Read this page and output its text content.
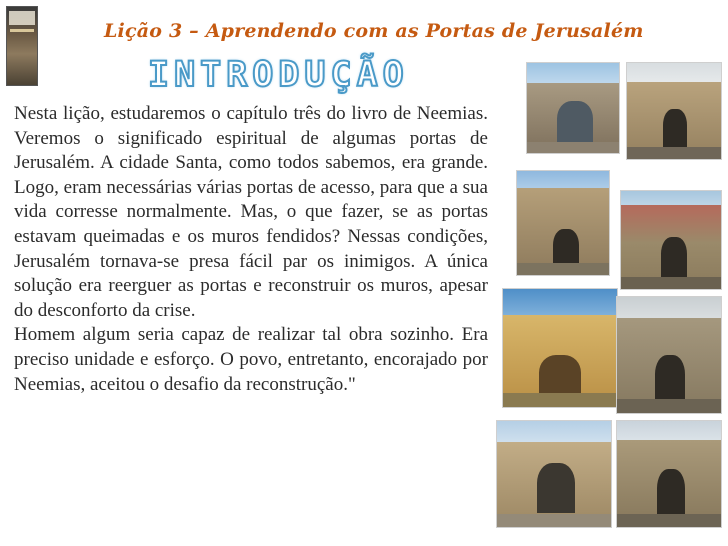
Lição 3 – Aprendendo com as Portas de Jerusalém
INTRODUÇÃO

Nesta lição, estudaremos o capítulo três do livro de Neemias. Veremos o significado espiritual de algumas portas de Jerusalém. A cidade Santa, como todos sabemos, era grande. Logo, eram necessárias várias portas de acesso, para que a sua vida corresse normalmente. Mas, o que fazer, se as portas estavam queimadas e os muros fendidos? Nessas condições, Jerusalém tornava-se presa fácil par os inimigos. A única solução era reerguer as portas e reconstruir os muros, apesar do desconforto da crise.

Homem algum seria capaz de realizar tal obra sozinho. Era preciso unidade e esforço. O povo, entretanto, encorajado por Neemias, aceitou o desafio da reconstrução."
